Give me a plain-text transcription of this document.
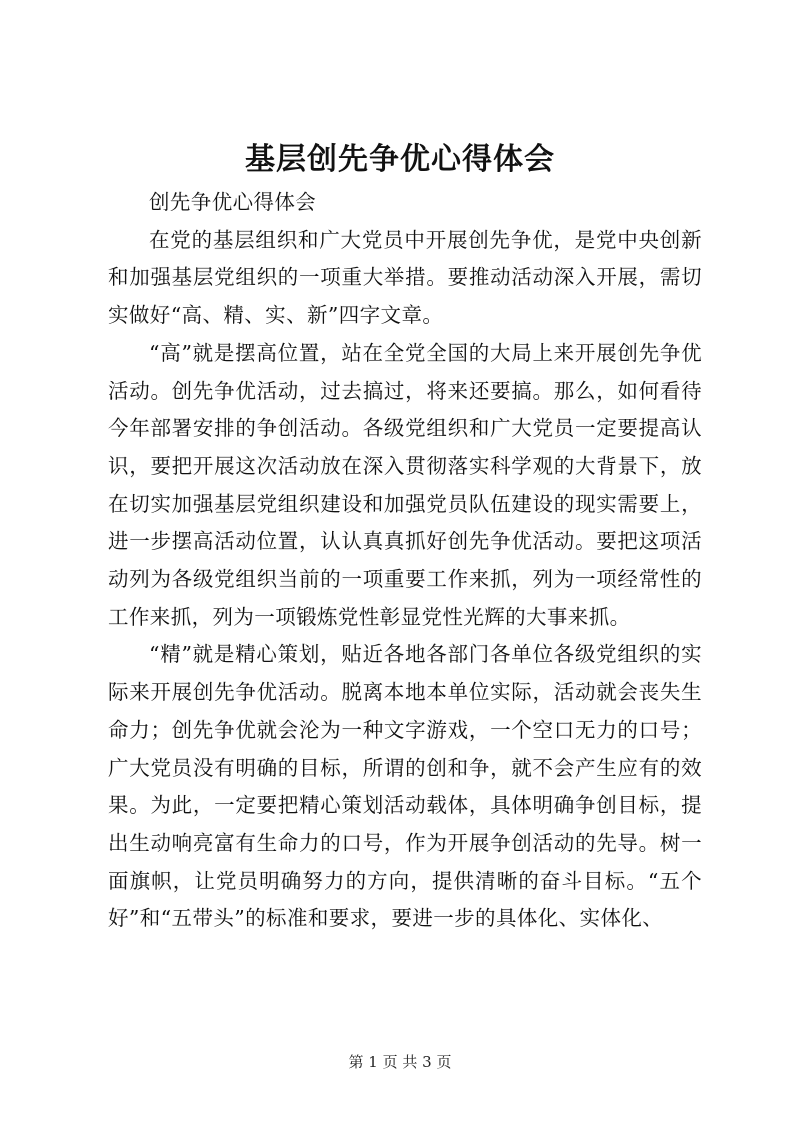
基层创先争优心得体会

创先争优心得体会

在党的基层组织和广大党员中开展创先争优，是党中央创新和加强基层党组织的一项重大举措。要推动活动深入开展，需切实做好“高、精、实、新”四字文章。

“高”就是摆高位置，站在全党全国的大局上来开展创先争优活动。创先争优活动，过去搞过，将来还要搞。那么，如何看待今年部署安排的争创活动。各级党组织和广大党员一定要提高认识，要把开展这次活动放在深入贯彻落实科学观的大背景下，放在切实加强基层党组织建设和加强党员队伍建设的现实需要上，进一步摆高活动位置，认认真真抓好创先争优活动。要把这项活动列为各级党组织当前的一项重要工作来抓，列为一项经常性的工作来抓，列为一项锻炼党性彰显党性光辉的大事来抓。

“精”就是精心策划，贴近各地各部门各单位各级党组织的实际来开展创先争优活动。脱离本地本单位实际，活动就会丧失生命力；创先争优就会沦为一种文字游戏，一个空口无力的口号；广大党员没有明确的目标，所谓的创和争，就不会产生应有的效果。为此，一定要把精心策划活动载体，具体明确争创目标，提出生动响亮富有生命力的口号，作为开展争创活动的先导。树一面旗帜，让党员明确努力的方向，提供清晰的奋斗目标。“五个好”和“五带头”的标准和要求，要进一步的具体化、实体化、

第 1 页 共 3 页
